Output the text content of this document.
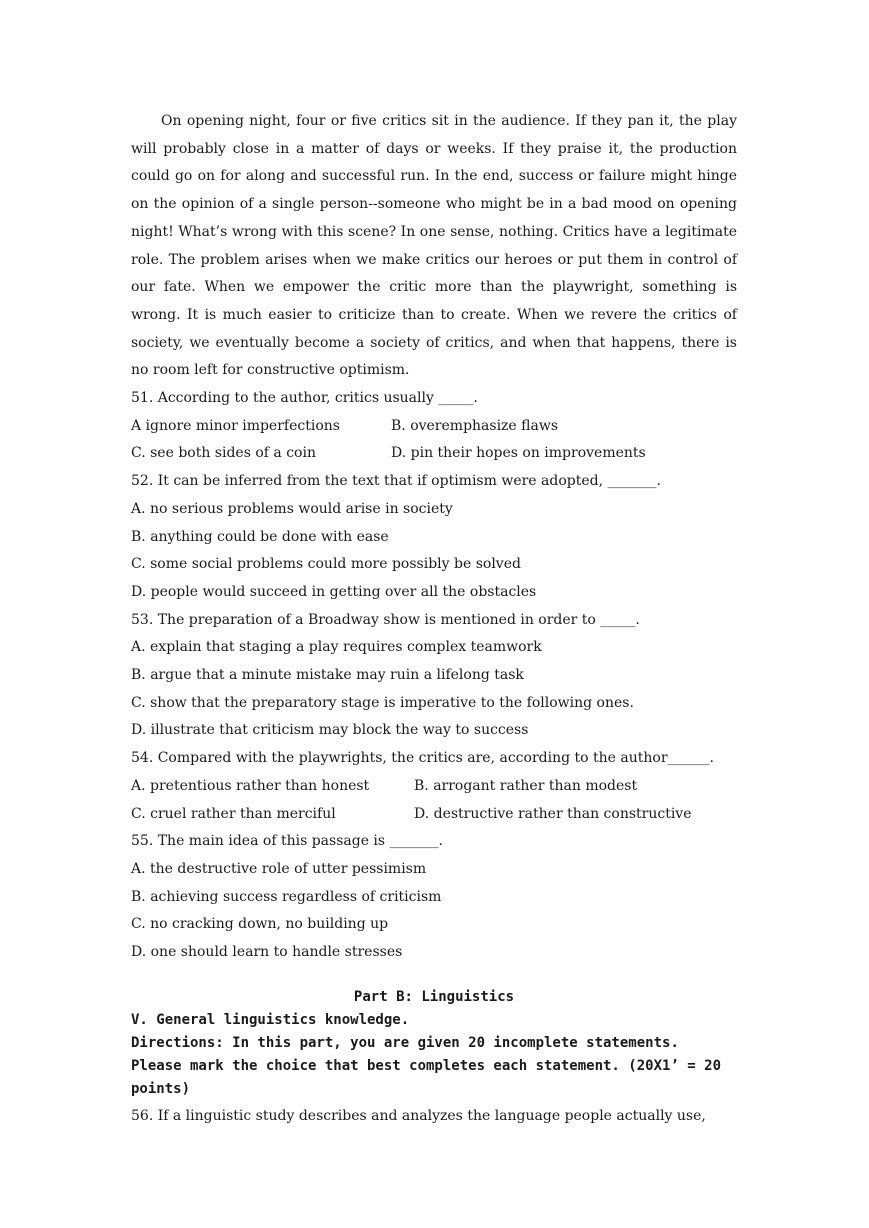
On opening night, four or five critics sit in the audience. If they pan it, the play will probably close in a matter of days or weeks. If they praise it, the production could go on for along and successful run. In the end, success or failure might hinge on the opinion of a single person--someone who might be in a bad mood on opening night! What’s wrong with this scene? In one sense, nothing. Critics have a legitimate role. The problem arises when we make critics our heroes or put them in control of our fate. When we empower the critic more than the playwright, something is wrong. It is much easier to criticize than to create. When we revere the critics of society, we eventually become a society of critics, and when that happens, there is no room left for constructive optimism.

51. According to the author, critics usually _____.
A ignore minor imperfections	B. overemphasize flaws
C. see both sides of a coin	D. pin their hopes on improvements
52. It can be inferred from the text that if optimism were adopted, _______.
A. no serious problems would arise in society
B. anything could be done with ease
C. some social problems could more possibly be solved
D. people would succeed in getting over all the obstacles
53. The preparation of a Broadway show is mentioned in order to _____.
A. explain that staging a play requires complex teamwork
B. argue that a minute mistake may ruin a lifelong task
C. show that the preparatory stage is imperative to the following ones.
D. illustrate that criticism may block the way to success
54. Compared with the playwrights, the critics are, according to the author______.
A. pretentious rather than honest	B. arrogant rather than modest
C. cruel rather than merciful	D. destructive rather than constructive
55. The main idea of this passage is _______.
A. the destructive role of utter pessimism
B. achieving success regardless of criticism
C. no cracking down, no building up
D. one should learn to handle stresses
Part B: Linguistics
V. General linguistics knowledge.
Directions: In this part, you are given 20 incomplete statements. Please mark the choice that best completes each statement. (20X1’ = 20 points)
56. If a linguistic study describes and analyzes the language people actually use,
